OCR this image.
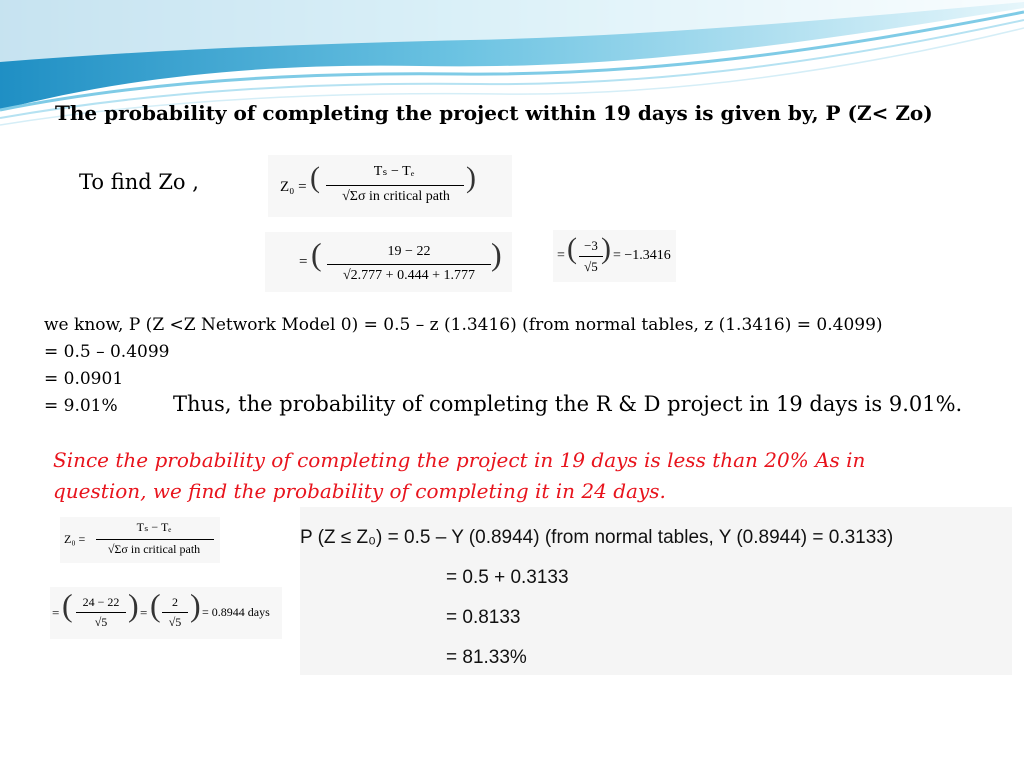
The probability of completing the project within 19 days is given by, P (Z< Zo)
To find Zo ,	Z₀ = (	Tₛ − Tₑ
√Σσ in critical path
)
= (	19 − 22
√2.777 + 0.444 + 1.777
)	= ( −3
√5
) = −1.3416
we know, P (Z <Z Network Model 0) = 0.5 – z (1.3416) (from normal tables, z (1.3416) = 0.4099)
= 0.5 – 0.4099
= 0.0901
= 9.01%	Thus, the probability of completing the R & D project in 19 days is 9.01%.
Since the probability of completing the project in 19 days is less than 20% As in question, we find the probability of completing it in 24 days.
Z₀ =
Tₛ − Tₑ
√Σσ in critical path
= ( 24 − 22
√5 ) = ( 2
√5 ) = 0.8944 days
P (Z ≤ Z₀) = 0.5 – Y (0.8944) (from normal tables, Y (0.8944) = 0.3133)
= 0.5 + 0.3133
= 0.8133
= 81.33%
